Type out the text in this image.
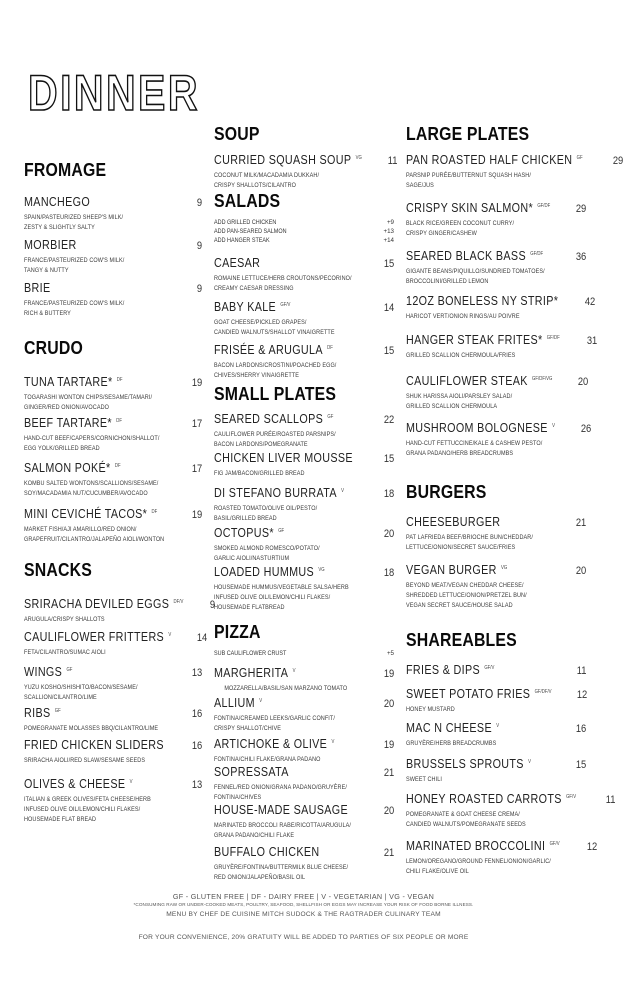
DINNER
FROMAGE
MANCHEGO	9
SPAIN/PASTEURIZED SHEEP'S MILK/
ZESTY & SLIGHTLY SALTY
MORBIER	9
FRANCE/PASTEURIZED COW'S MILK/
TANGY & NUTTY
BRIE	9
FRANCE/PASTEURIZED COW'S MILK/
RICH & BUTTERY
CRUDO
TUNA TARTARE* $^{DF}$	19
TOGARASHI WONTON CHIPS/SESAME/TAMARI/
GINGER/RED ONION/AVOCADO
BEEF TARTARE* $^{DF}$	17
HAND-CUT BEEF/CAPERS/CORNICHON/SHALLOT/
EGG YOLK/GRILLED BREAD
SALMON POKÉ* $^{DF}$	17
KOMBU SALTED WONTONS/SCALLIONS/SESAME/
SOY/MACADAMIA NUT/CUCUMBER/AVOCADO
MINI CEVICHÉ TACOS* $^{DF}$	19
MARKET FISH/AJI AMARILLO/RED ONION/
GRAPEFRUIT/CILANTRO/JALAPEÑO AIOLI/WONTON
SNACKS
SRIRACHA DEVILED EGGS $^{DF/V}$ 9
ARUGULA/CRISPY SHALLOTS
CAULIFLOWER FRITTERS $^V$ 14
FETA/CILANTRO/SUMAC AIOLI
WINGS $^{GF}$	13
YUZU KOSHO/SHISHITO/BACON/SESAME/
SCALLION/CILANTRO/LIME
RIBS $^{GF}$	16
POMEGRANATE MOLASSES BBQ/CILANTRO/LIME
FRIED CHICKEN SLIDERS	16
SRIRACHA AIOLI/RED SLAW/SESAME SEEDS
OLIVES & CHEESE $^V$	13
ITALIAN & GREEK OLIVES/FETA CHEESE/HERB
INFUSED OLIVE OIL/LEMON/CHILI FLAKES/
HOUSEMADE FLAT BREAD
SOUP
CURRIED SQUASH SOUP $^{VG}$ 11
COCONUT MILK/MACADAMIA DUKKAH/
CRISPY SHALLOTS/CILANTRO
SALADS
ADD GRILLED CHICKEN	+9
ADD PAN-SEARED SALMON	+13
ADD HANGER STEAK	+14
CAESAR	15
ROMAINE LETTUCE/HERB CROUTONS/PECORINO/
CREAMY CAESAR DRESSING
BABY KALE $^{GF/V}$	14
GOAT CHEESE/PICKLED GRAPES/
CANDIED WALNUTS/SHALLOT VINAIGRETTE
FRISÉE & ARUGULA $^{DF}$	15
BACON LARDONS/CROSTINI/POACHED EGG/
CHIVES/SHERRY VINAIGRETTE
SMALL PLATES
SEARED SCALLOPS $^{GF}$	22
CAULIFLOWER PURÉE/ROASTED PARSNIPS/
BACON LARDONS/POMEGRANATE
CHICKEN LIVER MOUSSE	15
FIG JAM/BACON/GRILLED BREAD
DI STEFANO BURRATA $^V$	18
ROASTED TOMATO/OLIVE OIL/PESTO/
BASIL/GRILLED BREAD
OCTOPUS* $^{GF}$	20
SMOKED ALMOND ROMESCO/POTATO/
GARLIC AIOLI/NASTURTIUM
LOADED HUMMUS $^{VG}$	18
HOUSEMADE HUMMUS/VEGETABLE SALSA/HERB
INFUSED OLIVE OIL/LEMON/CHILI FLAKES/
HOUSEMADE FLATBREAD
PIZZA
SUB CAULIFLOWER CRUST	+5
MARGHERITA $^V$	19
MOZZARELLA/BASIL/SAN MARZANO TOMATO
ALLIUM $^V$	20
FONTINA/CREAMED LEEKS/GARLIC CONFIT/
CRISPY SHALLOT/CHIVE
ARTICHOKE & OLIVE $^V$	19
FONTINA/CHILI FLAKE/GRANA PADANO
SOPRESSATA	21
FENNEL/RED ONION/GRANA PADANO/GRUYÈRE/
FONTINA/CHIVES
HOUSE-MADE SAUSAGE	20
MARINATED BROCCOLI RABE/RICOTTA/ARUGULA/
GRANA PADANO/CHILI FLAKE
BUFFALO CHICKEN	21
GRUYÈRE/FONTINA/BUTTERMILK BLUE CHEESE/
RED ONION/JALAPEÑO/BASIL OIL
LARGE PLATES
PAN ROASTED HALF CHICKEN $^{GF}$	29
PARSNIP PURÉE/BUTTERNUT SQUASH HASH/
SAGE/JUS
CRISPY SKIN SALMON* $^{GF/DF}$ 29
BLACK RICE/GREEN COCONUT CURRY/
CRISPY GINGER/CASHEW
SEARED BLACK BASS $^{GF/DF}$	36
GIGANTE BEANS/PIQUILLO/SUNDRIED TOMATOES/
BROCCOLINI/GRILLED LEMON
12OZ BONELESS NY STRIP* 42
HARICOT VERT/ONION RINGS/AU POIVRE
HANGER STEAK FRITES* $^{GF/DF}$ 31
GRILLED SCALLION CHERMOULA/FRIES
CAULIFLOWER STEAK $^{GF/DF/VG}$ 20
SHUK HARISSA AIOLI/PARSLEY SALAD/
GRILLED SCALLION CHERMOULA
MUSHROOM BOLOGNESE $^V$ 26
HAND-CUT FETTUCCINE/KALE & CASHEW PESTO/
GRANA PADANO/HERB BREADCRUMBS
BURGERS
CHEESEBURGER	21
PAT LAFRIEDA BEEF/BRIOCHE BUN/CHEDDAR/
LETTUCE/ONION/SECRET SAUCE/FRIES
VEGAN BURGER $^{VG}$	20
BEYOND MEAT/VEGAN CHEDDAR CHEESE/
SHREDDED LETTUCE/ONION/PRETZEL BUN/
VEGAN SECRET SAUCE/HOUSE SALAD
SHAREABLES
FRIES & DIPS $^{GF/V}$	11
SWEET POTATO FRIES $^{GF/DF/V}$ 12
HONEY MUSTARD
MAC N CHEESE $^V$	16
GRUYÈRE/HERB BREADCRUMBS
BRUSSELS SPROUTS $^V$	15
SWEET CHILI
HONEY ROASTED CARROTS $^{GF/V}$	11
POMEGRANATE & GOAT CHEESE CREMA/
CANDIED WALNUTS/POMEGRANATE SEEDS
MARINATED BROCCOLINI $^{GF/V}$ 12
LEMON/OREGANO/GROUND FENNEL/ONION/GARLIC/
CHILI FLAKE/OLIVE OIL
GF - GLUTEN FREE | DF - DAIRY FREE | V - VEGETARIAN | VG - VEGAN
*CONSUMING RAW OR UNDER-COOKED MEATS, POULTRY, SEAFOOD, SHELLFISH OR EGGS MAY INCREASE YOUR RISK OF FOOD BORNE ILLNESS.
MENU BY CHEF DE CUISINE MITCH SUDOCK & THE RAGTRADER CULINARY TEAM
FOR YOUR CONVENIENCE, 20% GRATUITY WILL BE ADDED TO PARTIES OF SIX PEOPLE OR MORE
